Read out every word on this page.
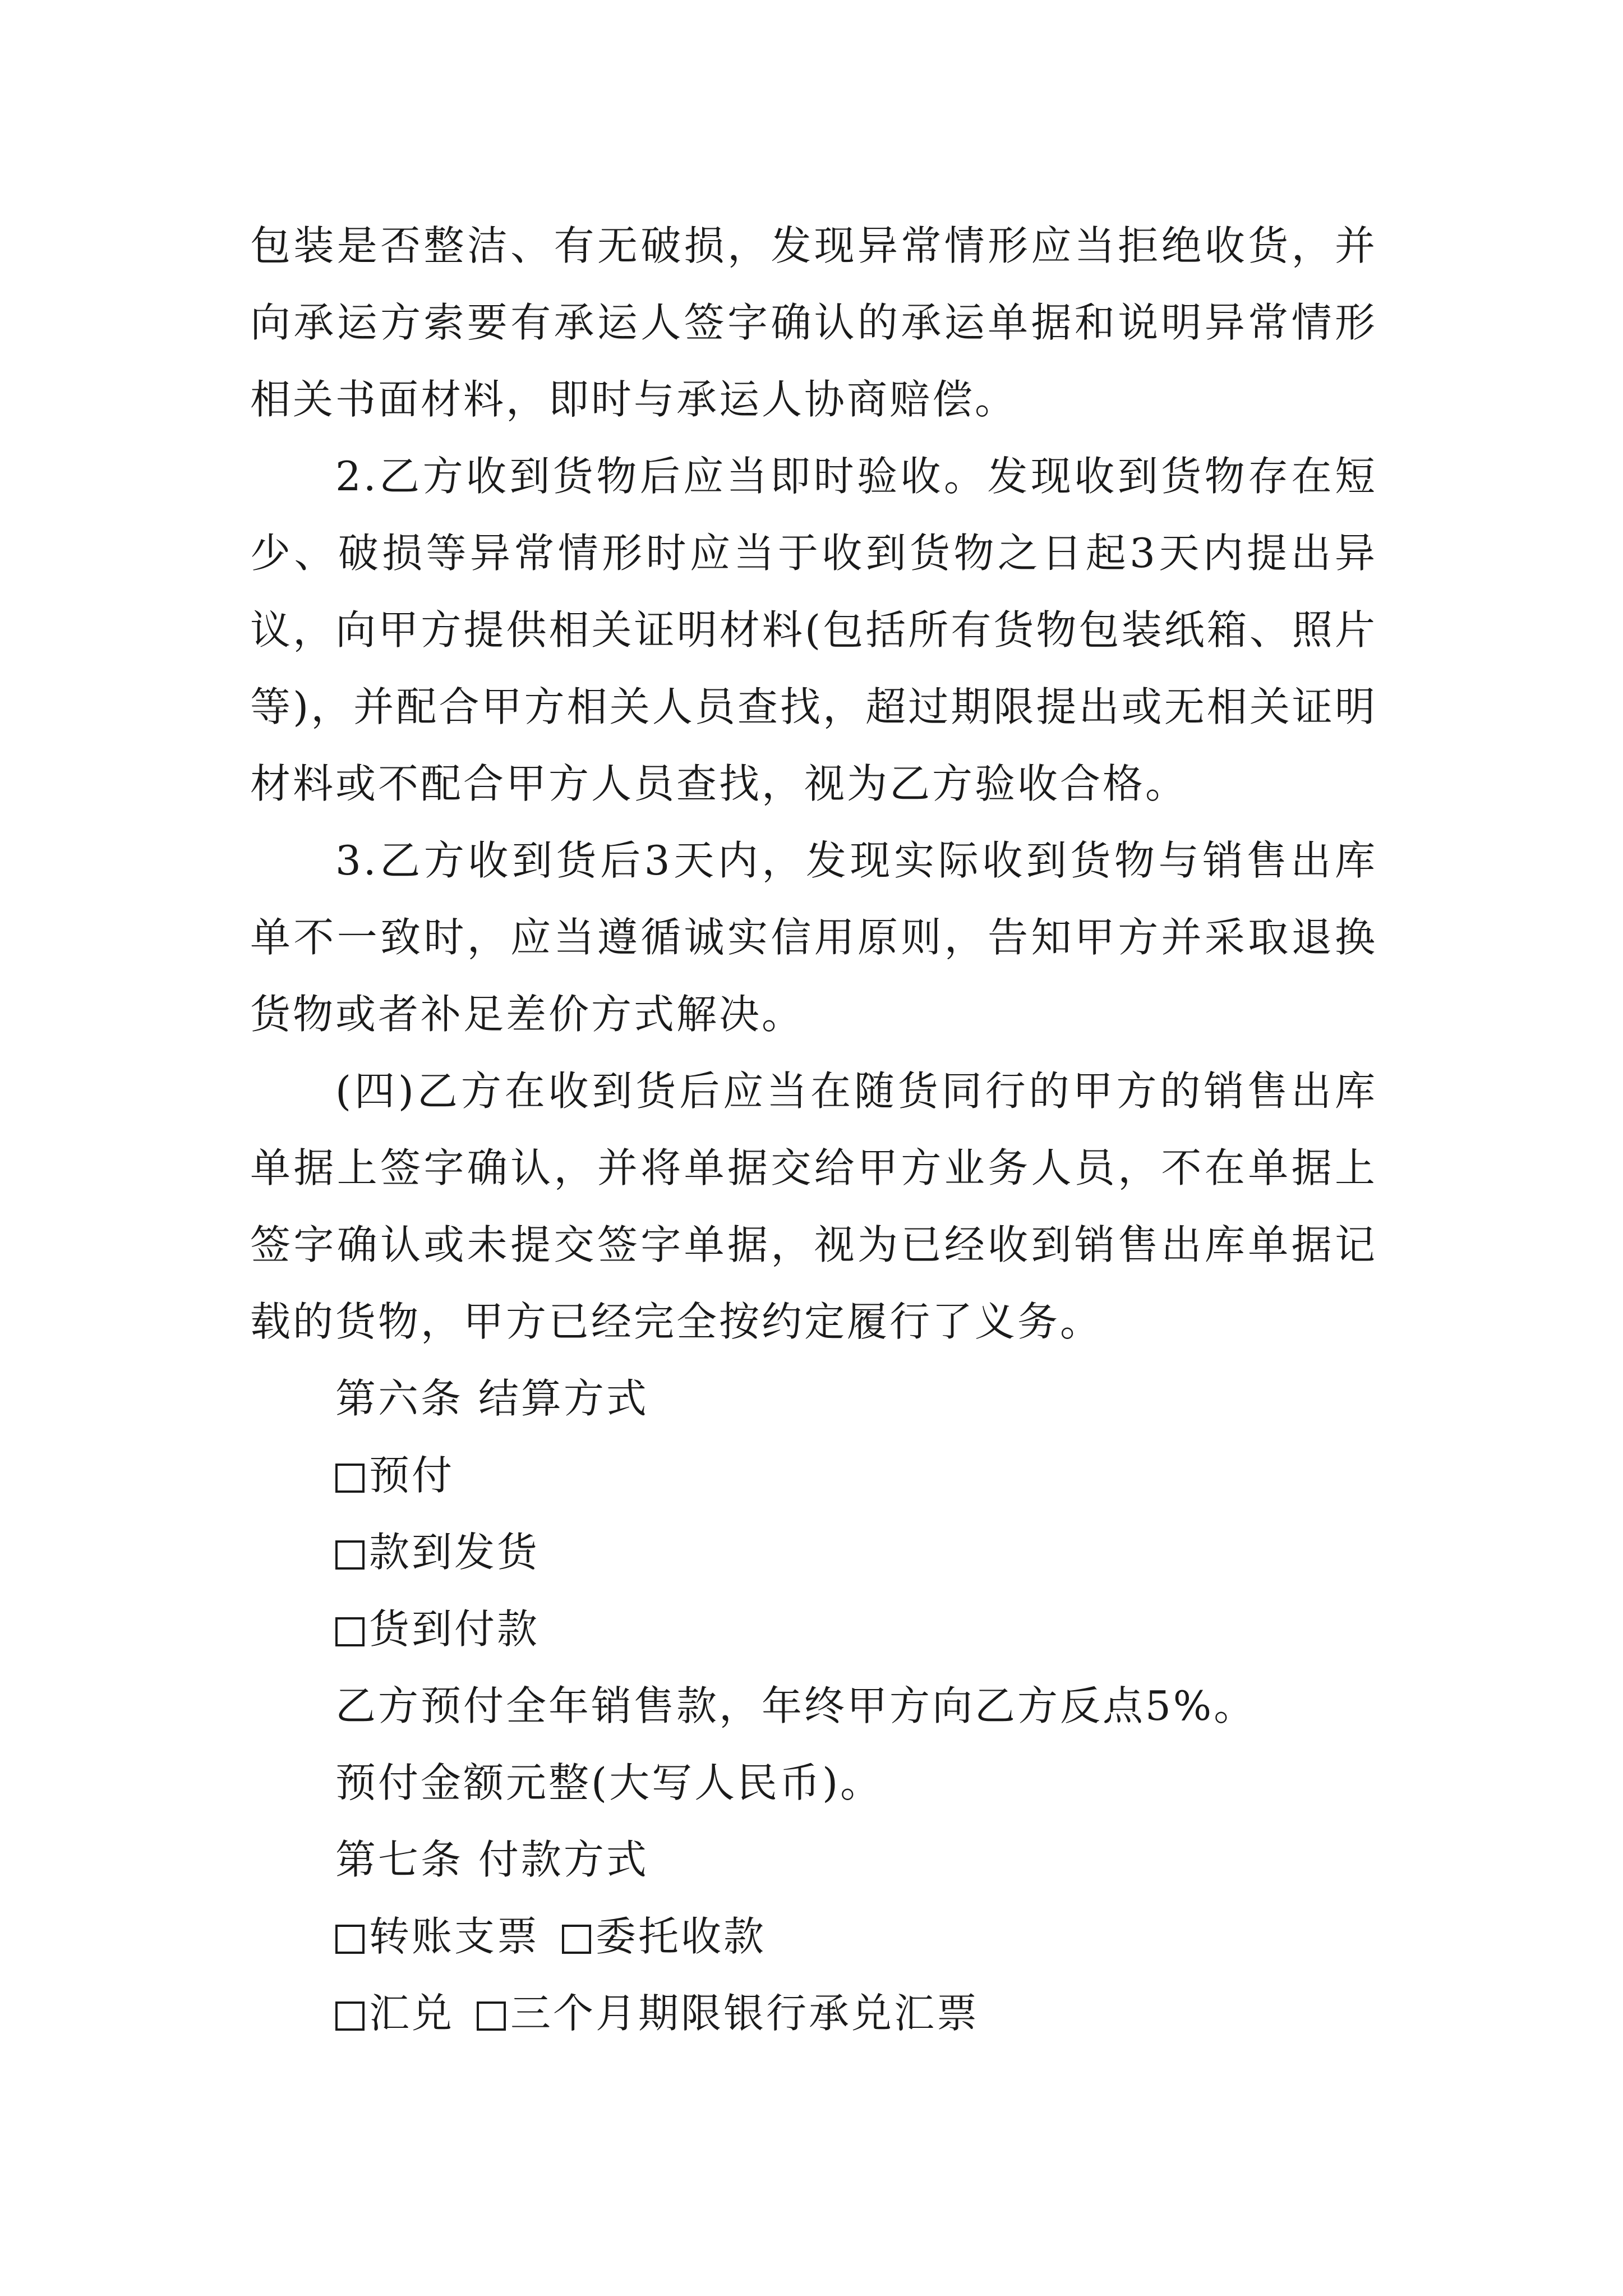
包装是否整洁、有无破损，发现异常情形应当拒绝收货，并向承运方索要有承运人签字确认的承运单据和说明异常情形相关书面材料，即时与承运人协商赔偿。

2.乙方收到货物后应当即时验收。发现收到货物存在短少、破损等异常情形时应当于收到货物之日起3天内提出异议，向甲方提供相关证明材料(包括所有货物包装纸箱、照片等)，并配合甲方相关人员查找，超过期限提出或无相关证明材料或不配合甲方人员查找，视为乙方验收合格。

3.乙方收到货后3天内，发现实际收到货物与销售出库单不一致时，应当遵循诚实信用原则，告知甲方并采取退换货物或者补足差价方式解决。

(四)乙方在收到货后应当在随货同行的甲方的销售出库单据上签字确认，并将单据交给甲方业务人员，不在单据上签字确认或未提交签字单据，视为已经收到销售出库单据记载的货物，甲方已经完全按约定履行了义务。

第六条 结算方式

预付

款到发货

货到付款

乙方预付全年销售款，年终甲方向乙方反点5%。

预付金额元整(大写人民币)。

第七条 付款方式

转账支票 委托收款

汇兑 三个月期限银行承兑汇票
